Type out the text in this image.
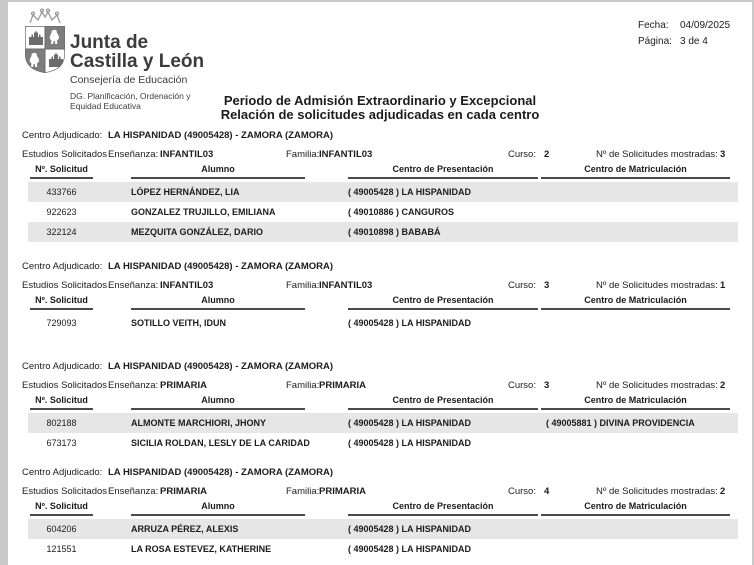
Junta de
Castilla y León
Consejería de Educación
DG. Planificación, Ordenación y Equidad Educativa
Fecha: 04/09/2025
Página: 3 de 4
Periodo de Admisión Extraordinario y Excepcional
Relación de solicitudes adjudicadas en cada centro
Centro Adjudicado: LA HISPANIDAD (49005428) - ZAMORA (ZAMORA)
Estudios Solicitados Enseñanza: INFANTIL03	Familia: INFANTIL03	Curso: 2	Nº de Solicitudes mostradas: 3
Nº. Solicitud	Alumno	Centro de Presentación	Centro de Matriculación
433766	LÓPEZ HERNÁNDEZ, LIA	( 49005428 ) LA HISPANIDAD
922623	GONZALEZ TRUJILLO, EMILIANA	( 49010886 ) CANGUROS
322124	MEZQUITA GONZÁLEZ, DARIO	( 49010898 ) BABABÁ
Centro Adjudicado: LA HISPANIDAD (49005428) - ZAMORA (ZAMORA)
Estudios Solicitados Enseñanza: INFANTIL03	Familia: INFANTIL03	Curso: 3	Nº de Solicitudes mostradas: 1
Nº. Solicitud	Alumno	Centro de Presentación	Centro de Matriculación
729093	SOTILLO VEITH, IDUN	( 49005428 ) LA HISPANIDAD
Centro Adjudicado: LA HISPANIDAD (49005428) - ZAMORA (ZAMORA)
Estudios Solicitados Enseñanza: PRIMARIA	Familia: PRIMARIA	Curso: 3	Nº de Solicitudes mostradas: 2
Nº. Solicitud	Alumno	Centro de Presentación	Centro de Matriculación
802188	ALMONTE MARCHIORI, JHONY	( 49005428 ) LA HISPANIDAD	( 49005881 ) DIVINA PROVIDENCIA
673173	SICILIA ROLDAN, LESLY DE LA CARIDAD	( 49005428 ) LA HISPANIDAD
Centro Adjudicado: LA HISPANIDAD (49005428) - ZAMORA (ZAMORA)
Estudios Solicitados Enseñanza: PRIMARIA	Familia: PRIMARIA	Curso: 4	Nº de Solicitudes mostradas: 2
Nº. Solicitud	Alumno	Centro de Presentación	Centro de Matriculación
604206	ARRUZA PÉREZ, ALEXIS	( 49005428 ) LA HISPANIDAD
121551	LA ROSA ESTEVEZ, KATHERINE	( 49005428 ) LA HISPANIDAD
